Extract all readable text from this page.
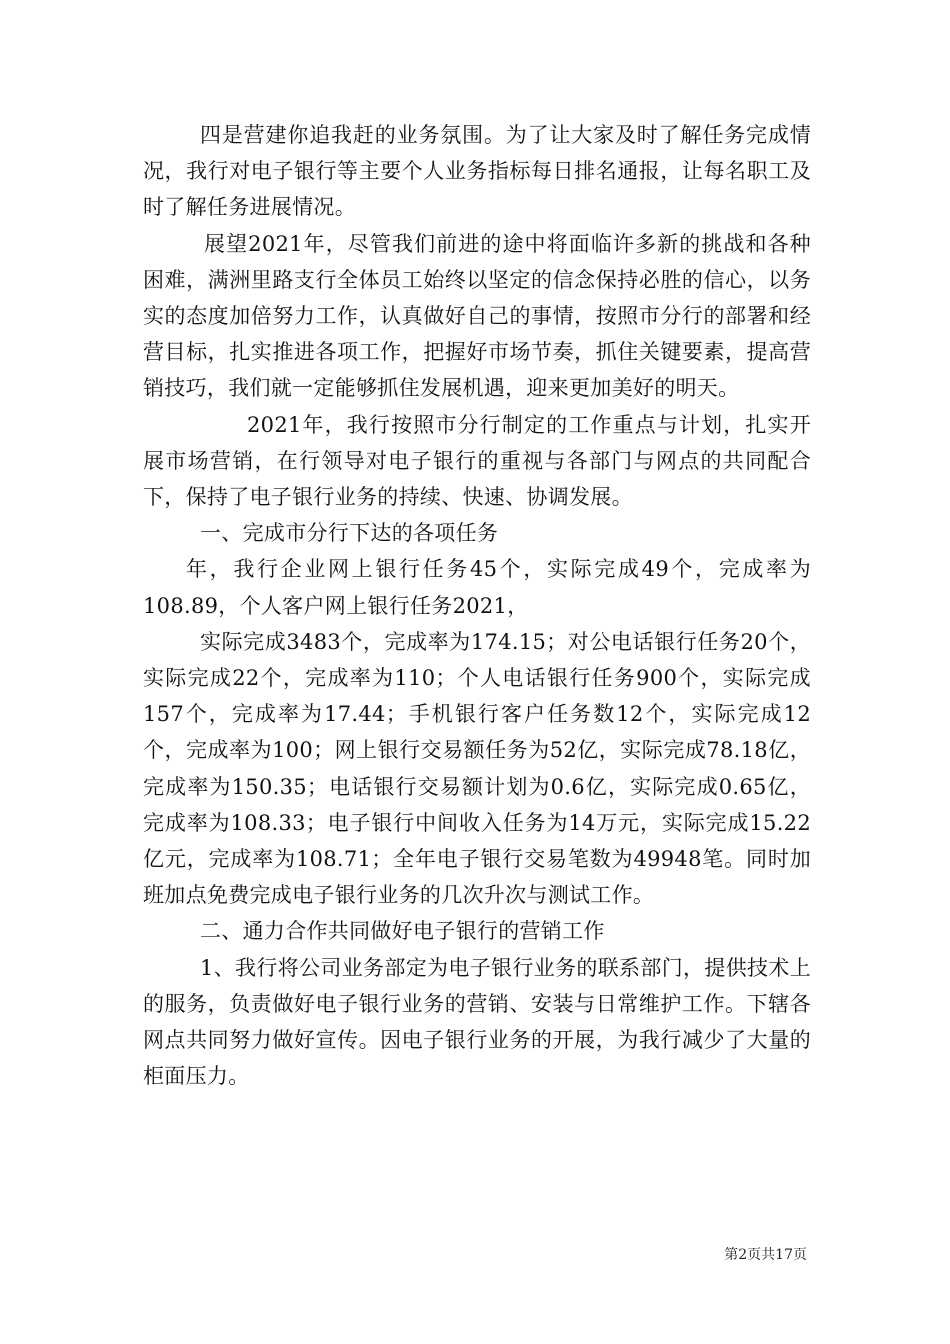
四是营建你追我赶的业务氛围。为了让大家及时了解任务完成情况，我行对电子银行等主要个人业务指标每日排名通报，让每名职工及时了解任务进展情况。

展望2021年，尽管我们前进的途中将面临许多新的挑战和各种困难，满洲里路支行全体员工始终以坚定的信念保持必胜的信心，以务实的态度加倍努力工作，认真做好自己的事情，按照市分行的部署和经营目标，扎实推进各项工作，把握好市场节奏，抓住关键要素，提高营销技巧，我们就一定能够抓住发展机遇，迎来更加美好的明天。

2021年，我行按照市分行制定的工作重点与计划，扎实开展市场营销，在行领导对电子银行的重视与各部门与网点的共同配合下，保持了电子银行业务的持续、快速、协调发展。

一、完成市分行下达的各项任务

年，我行企业网上银行任务45个，实际完成49个，完成率为108.89，个人客户网上银行任务2021，

实际完成3483个，完成率为174.15；对公电话银行任务20个，实际完成22个，完成率为110；个人电话银行任务900个，实际完成157个，完成率为17.44；手机银行客户任务数12个，实际完成12个，完成率为100；网上银行交易额任务为52亿，实际完成78.18亿，完成率为150.35；电话银行交易额计划为0.6亿，实际完成0.65亿，完成率为108.33；电子银行中间收入任务为14万元，实际完成15.22亿元，完成率为108.71；全年电子银行交易笔数为49948笔。同时加班加点免费完成电子银行业务的几次升次与测试工作。

二、通力合作共同做好电子银行的营销工作

1、我行将公司业务部定为电子银行业务的联系部门，提供技术上的服务，负责做好电子银行业务的营销、安装与日常维护工作。下辖各网点共同努力做好宣传。因电子银行业务的开展，为我行减少了大量的柜面压力。

第2页共17页
